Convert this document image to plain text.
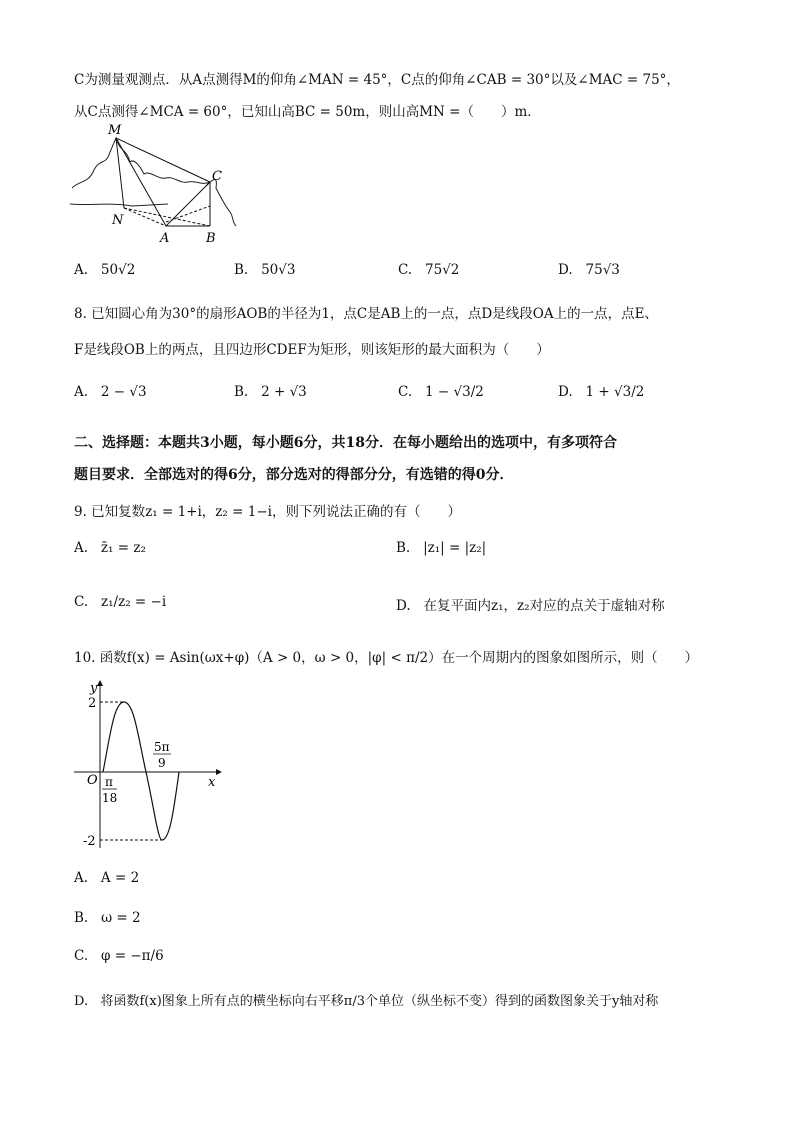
C为测量观测点．从A点测得M的仰角∠MAN = 45°，C点的仰角∠CAB = 30°以及∠MAC = 75°，
从C点测得∠MCA = 60°，已知山高BC = 50m，则山高MN =（　　）m．
M
C
N
A	B
A. 50√2	B. 50√3	C. 75√2	D. 75√3
8. 已知圆心角为30°的扇形AOB的半径为1，点C是AB上的一点，点D是线段OA上的一点，点E、
F是线段OB上的两点，且四边形CDEF为矩形，则该矩形的最大面积为（　　）
A. 2 − √3	B. 2 + √3	C. 1 − √3/2	D. 1 + √3/2
二、选择题：本题共3小题，每小题6分，共18分．在每小题给出的选项中，有多项符合
题目要求．全部选对的得6分，部分选对的得部分分，有选错的得0分．
9. 已知复数z₁ = 1+i，z₂ = 1−i，则下列说法正确的有（　　）
A. z̄₁ = z₂	B. |z₁| = |z₂|
C. z₁/z₂ = −i	D. 在复平面内z₁，z₂对应的点关于虚轴对称
10. 函数f(x) = Asin(ωx+φ)（A > 0，ω > 0，|φ| < π/2）在一个周期内的图象如图所示，则（　　）
y
x
O
2
-2
π
18
5π
9
A. A = 2
B. ω = 2
C. φ = −π/6
D. 将函数f(x)图象上所有点的横坐标向右平移π/3个单位（纵坐标不变）得到的函数图象关于y轴对称
